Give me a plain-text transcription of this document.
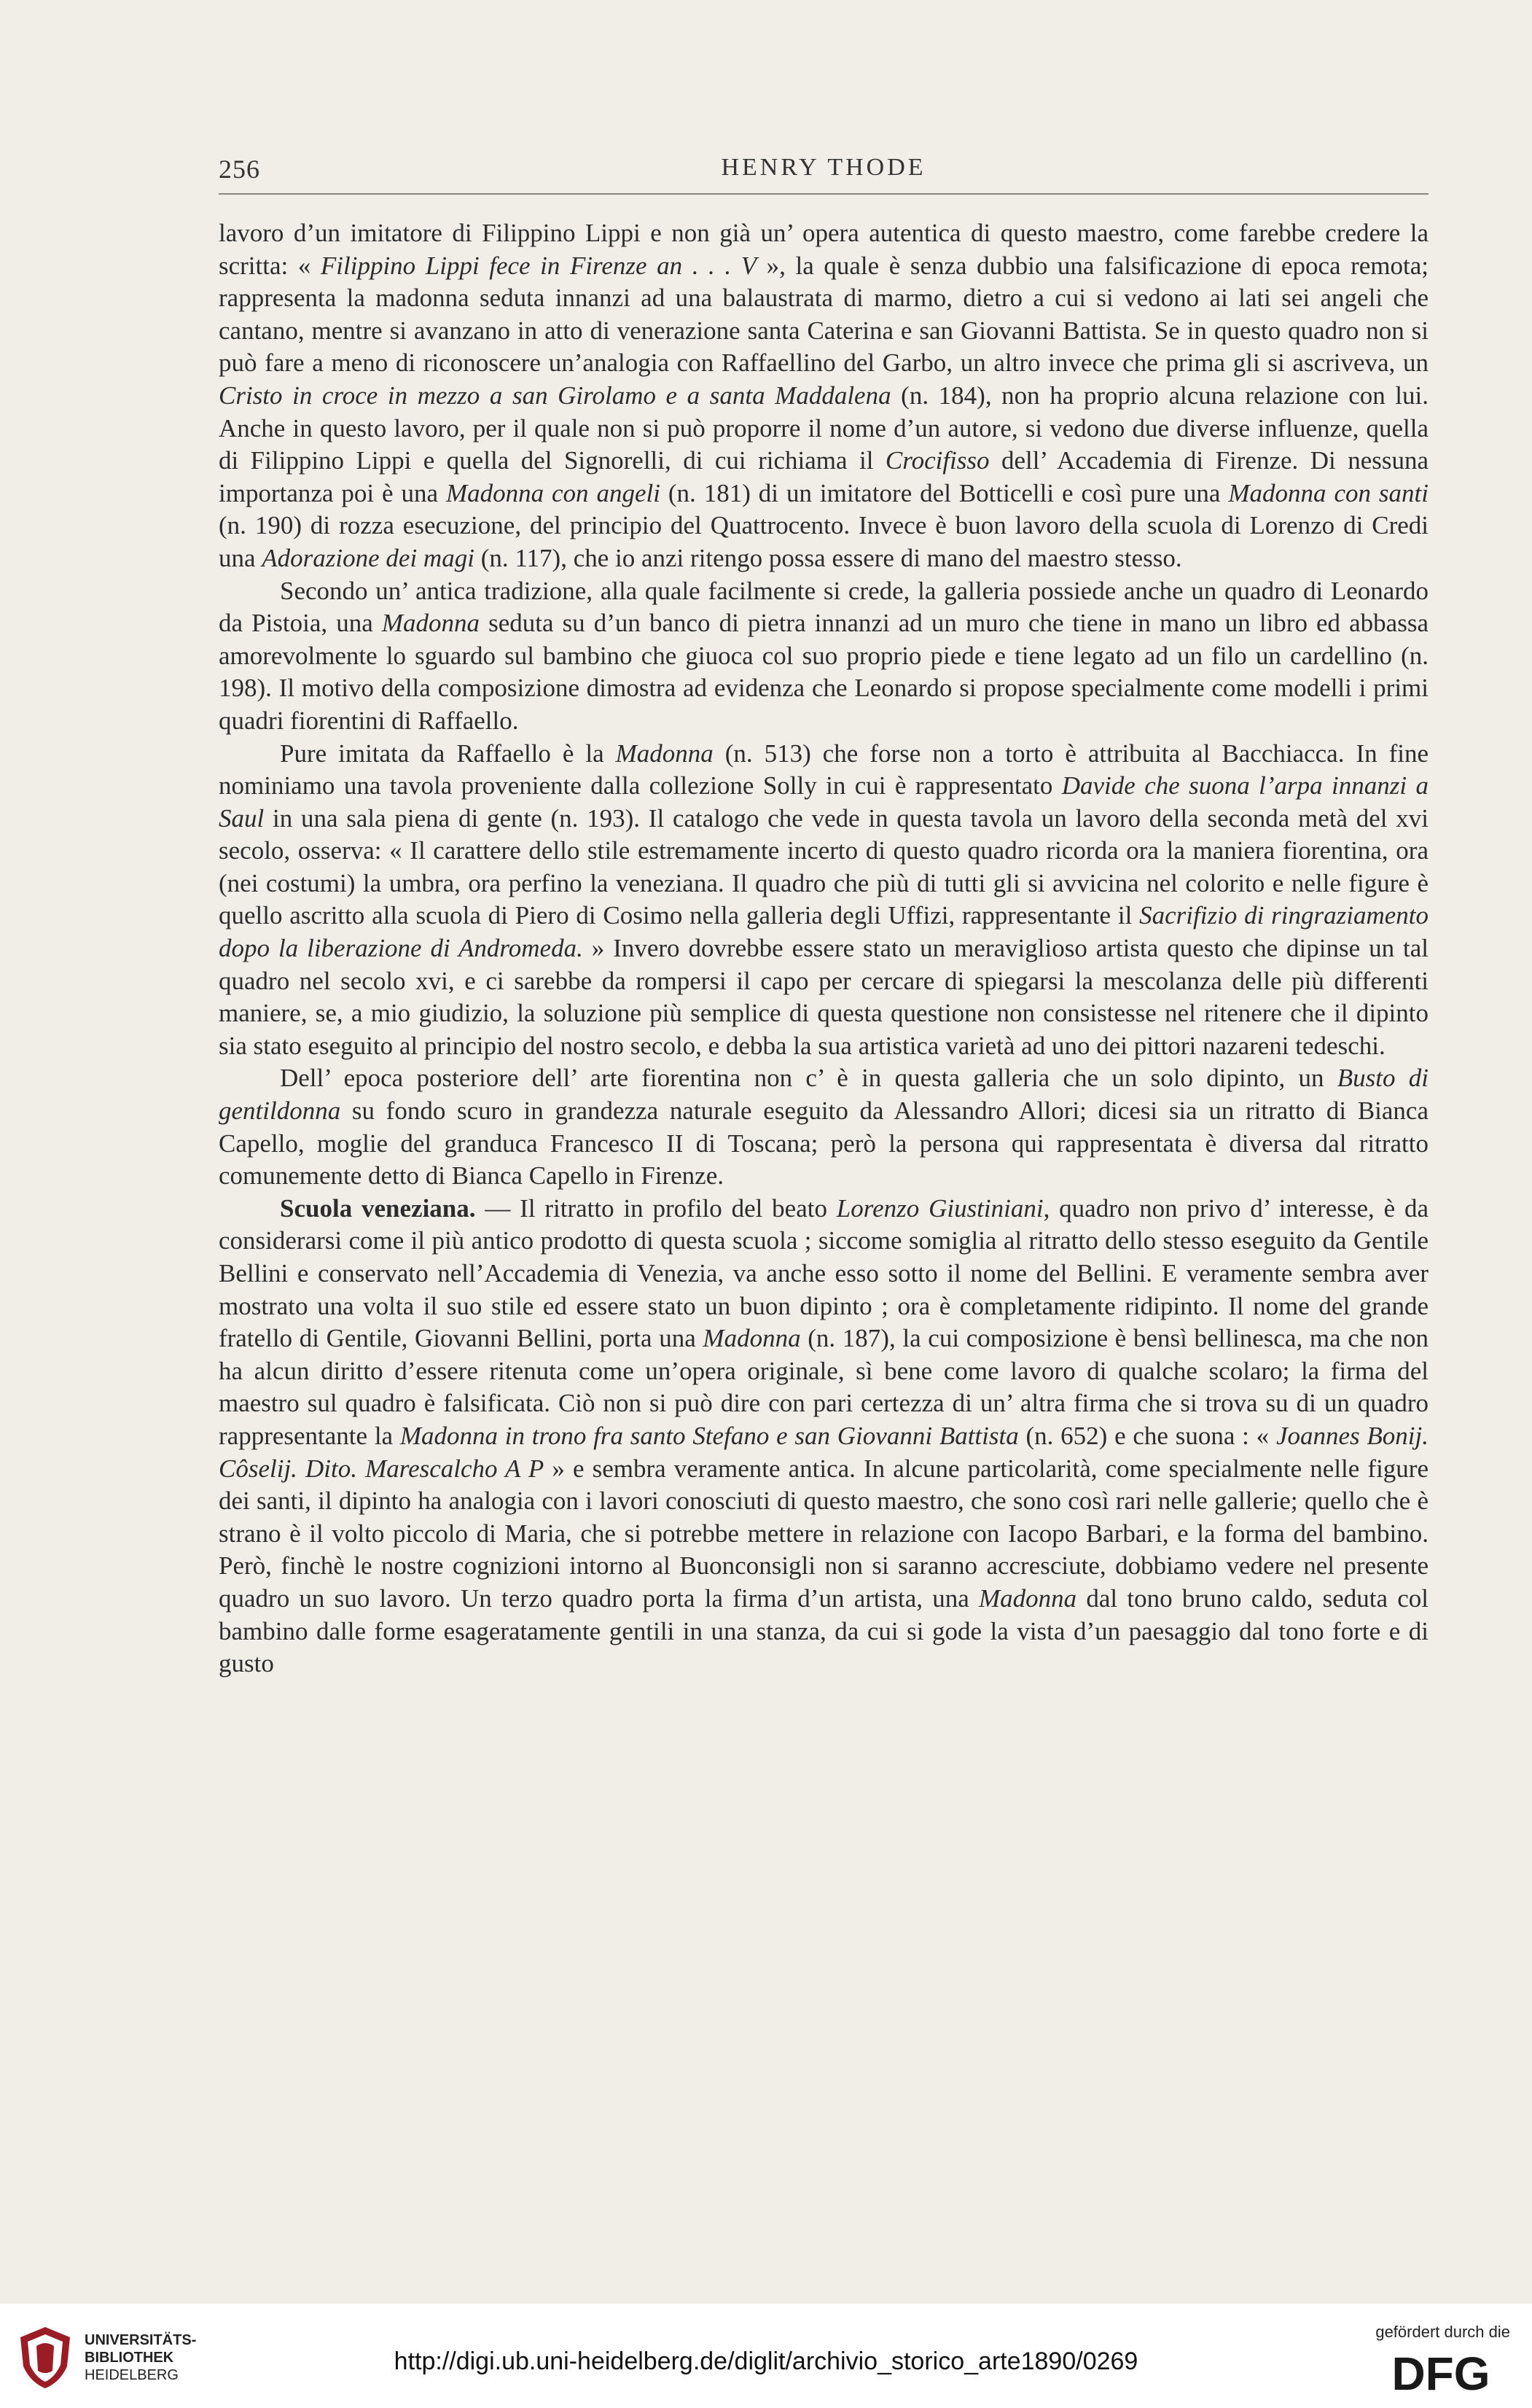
256	HENRY THODE

lavoro d’un imitatore di Filippino Lippi e non già un’ opera autentica di questo maestro, come farebbe credere la scritta: « Filippino Lippi fece in Firenze an . . . V », la quale è senza dubbio una falsificazione di epoca remota; rappresenta la madonna seduta innanzi ad una balaustrata di marmo, dietro a cui si vedono ai lati sei angeli che cantano, mentre si avanzano in atto di venerazione santa Caterina e san Giovanni Battista. Se in questo quadro non si può fare a meno di riconoscere un’analogia con Raffaellino del Garbo, un altro invece che prima gli si ascriveva, un Cristo in croce in mezzo a san Girolamo e a santa Maddalena (n. 184), non ha proprio alcuna relazione con lui. Anche in questo lavoro, per il quale non si può proporre il nome d’un autore, si vedono due diverse influenze, quella di Filippino Lippi e quella del Signorelli, di cui richiama il Crocifisso dell’ Accademia di Firenze. Di nessuna importanza poi è una Madonna con angeli (n. 181) di un imitatore del Botticelli e così pure una Madonna con santi (n. 190) di rozza esecuzione, del principio del Quattrocento. Invece è buon lavoro della scuola di Lorenzo di Credi una Adorazione dei magi (n. 117), che io anzi ritengo possa essere di mano del maestro stesso.

Secondo un’ antica tradizione, alla quale facilmente si crede, la galleria possiede anche un quadro di Leonardo da Pistoia, una Madonna seduta su d’un banco di pietra innanzi ad un muro che tiene in mano un libro ed abbassa amorevolmente lo sguardo sul bambino che giuoca col suo proprio piede e tiene legato ad un filo un cardellino (n. 198). Il motivo della composizione dimostra ad evidenza che Leonardo si propose specialmente come modelli i primi quadri fiorentini di Raffaello.

Pure imitata da Raffaello è la Madonna (n. 513) che forse non a torto è attribuita al Bacchiacca. In fine nominiamo una tavola proveniente dalla collezione Solly in cui è rappresentato Davide che suona l’arpa innanzi a Saul in una sala piena di gente (n. 193). Il catalogo che vede in questa tavola un lavoro della seconda metà del xvi secolo, osserva: « Il carattere dello stile estremamente incerto di questo quadro ricorda ora la maniera fiorentina, ora (nei costumi) la umbra, ora perfino la veneziana. Il quadro che più di tutti gli si avvicina nel colorito e nelle figure è quello ascritto alla scuola di Piero di Cosimo nella galleria degli Uffizi, rappresentante il Sacrifizio di ringraziamento dopo la liberazione di Andromeda. » Invero dovrebbe essere stato un meraviglioso artista questo che dipinse un tal quadro nel secolo xvi, e ci sarebbe da rompersi il capo per cercare di spiegarsi la mescolanza delle più differenti maniere, se, a mio giudizio, la soluzione più semplice di questa questione non consistesse nel ritenere che il dipinto sia stato eseguito al principio del nostro secolo, e debba la sua artistica varietà ad uno dei pittori nazareni tedeschi.

Dell’ epoca posteriore dell’ arte fiorentina non c’ è in questa galleria che un solo dipinto, un Busto di gentildonna su fondo scuro in grandezza naturale eseguito da Alessandro Allori; dicesi sia un ritratto di Bianca Capello, moglie del granduca Francesco II di Toscana; però la persona qui rappresentata è diversa dal ritratto comunemente detto di Bianca Capello in Firenze.

Scuola veneziana. — Il ritratto in profilo del beato Lorenzo Giustiniani, quadro non privo d’ interesse, è da considerarsi come il più antico prodotto di questa scuola ; siccome somiglia al ritratto dello stesso eseguito da Gentile Bellini e conservato nell’Accademia di Venezia, va anche esso sotto il nome del Bellini. E veramente sembra aver mostrato una volta il suo stile ed essere stato un buon dipinto ; ora è completamente ridipinto. Il nome del grande fratello di Gentile, Giovanni Bellini, porta una Madonna (n. 187), la cui composizione è bensì bellinesca, ma che non ha alcun diritto d’essere ritenuta come un’opera originale, sì bene come lavoro di qualche scolaro; la firma del maestro sul quadro è falsificata. Ciò non si può dire con pari certezza di un’ altra firma che si trova su di un quadro rappresentante la Madonna in trono fra santo Stefano e san Giovanni Battista (n. 652) e che suona : « Joannes Bonij. Côselij. Dito. Marescalcho A P » e sembra veramente antica. In alcune particolarità, come specialmente nelle figure dei santi, il dipinto ha analogia con i lavori conosciuti di questo maestro, che sono così rari nelle gallerie; quello che è strano è il volto piccolo di Maria, che si potrebbe mettere in relazione con Iacopo Barbari, e la forma del bambino. Però, finchè le nostre cognizioni intorno al Buonconsigli non si saranno accresciute, dobbiamo vedere nel presente quadro un suo lavoro. Un terzo quadro porta la firma d’un artista, una Madonna dal tono bruno caldo, seduta col bambino dalle forme esageratamente gentili in una stanza, da cui si gode la vista d’un paesaggio dal tono forte e di gusto

UNIVERSITÄTS-
BIBLIOTHEK
HEIDELBERG	http://digi.ub.uni-heidelberg.de/diglit/archivio_storico_arte1890/0269
gefördert durch die
DFG
